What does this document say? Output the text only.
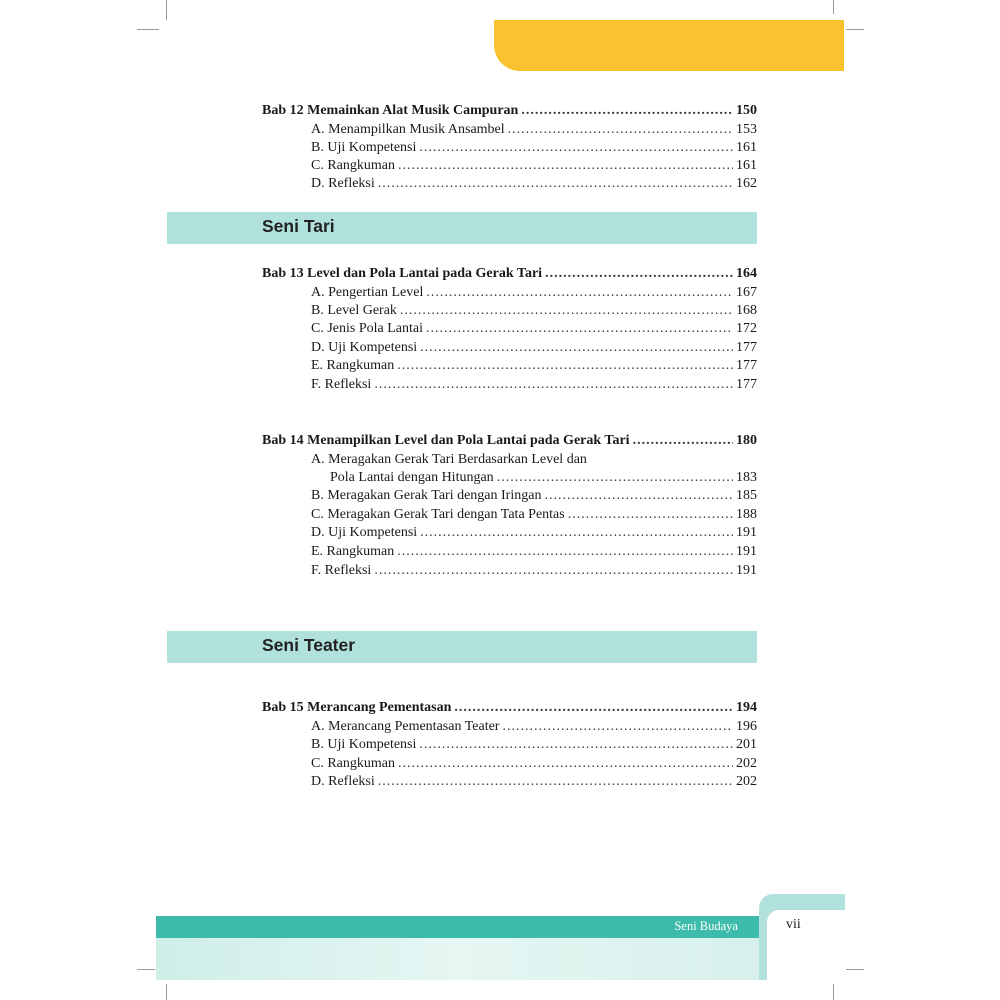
Bab 12 Memainkan Alat Musik Campuran .....	150
A. Menampilkan Musik Ansambel .....	153
B. Uji Kompetensi .....	161
C. Rangkuman .....	161
D. Refleksi .....	162
Seni Tari
Bab 13 Level dan Pola Lantai pada Gerak Tari .....	164
A. Pengertian Level .....	167
B. Level Gerak .....	168
C. Jenis Pola Lantai .....	172
D. Uji Kompetensi .....	177
E. Rangkuman .....	177
F. Refleksi .....	177
Bab 14 Menampilkan Level dan Pola Lantai pada Gerak Tari .....	180
A. Meragakan Gerak Tari Berdasarkan Level dan
Pola Lantai dengan Hitungan .....	183
B. Meragakan Gerak Tari dengan Iringan .....	185
C. Meragakan Gerak Tari dengan Tata Pentas .....	188
D. Uji Kompetensi .....	191
E. Rangkuman .....	191
F. Refleksi .....	191
Seni Teater
Bab 15 Merancang Pementasan .....	194
A. Merancang Pementasan Teater .....	196
B. Uji Kompetensi .....	201
C. Rangkuman .....	202
D. Refleksi .....	202
Seni Budaya	vii
